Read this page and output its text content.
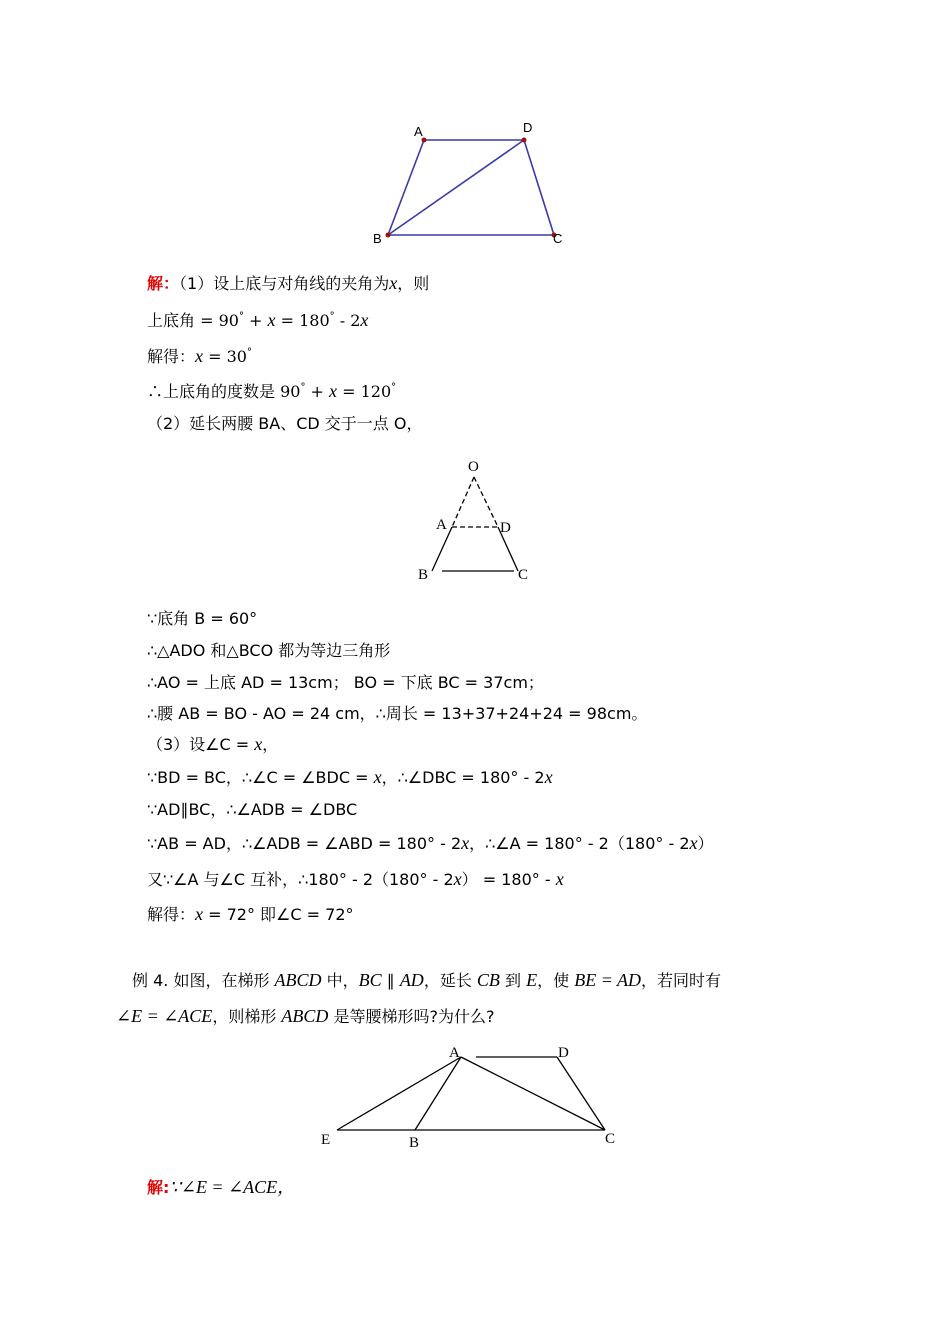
A	D
B	C
解：（1）设上底与对角线的夹角为x，则
上底角 = 90° + x = 180° - 2x
解得：x = 30°
∴上底角的度数是 90° + x = 120°
（2）延长两腰 BA、CD 交于一点 O，
O
A	D
B	C
∵底角 B = 60°
∴△ADO 和△BCO 都为等边三角形
∴AO = 上底 AD = 13cm； BO = 下底 BC = 37cm；
∴腰 AB = BO - AO = 24 cm，∴周长 = 13+37+24+24 = 98cm。
（3）设∠C = x，
∵BD = BC，∴∠C = ∠BDC = x，∴∠DBC = 180° - 2x
∵AD∥BC，∴∠ADB = ∠DBC
∵AB = AD，∴∠ADB = ∠ABD = 180° - 2x，∴∠A = 180° - 2（180° - 2x）
又∵∠A 与∠C 互补，∴180° - 2（180° - 2x） = 180° - x
解得：x = 72° 即∠C = 72°
例 4. 如图，在梯形 ABCD 中，BC ∥ AD，延长 CB 到 E，使 BE = AD，若同时有
∠E = ∠ACE，则梯形 ABCD 是等腰梯形吗?为什么?
A	D
E	B	C
解:∵∠E = ∠ACE，
